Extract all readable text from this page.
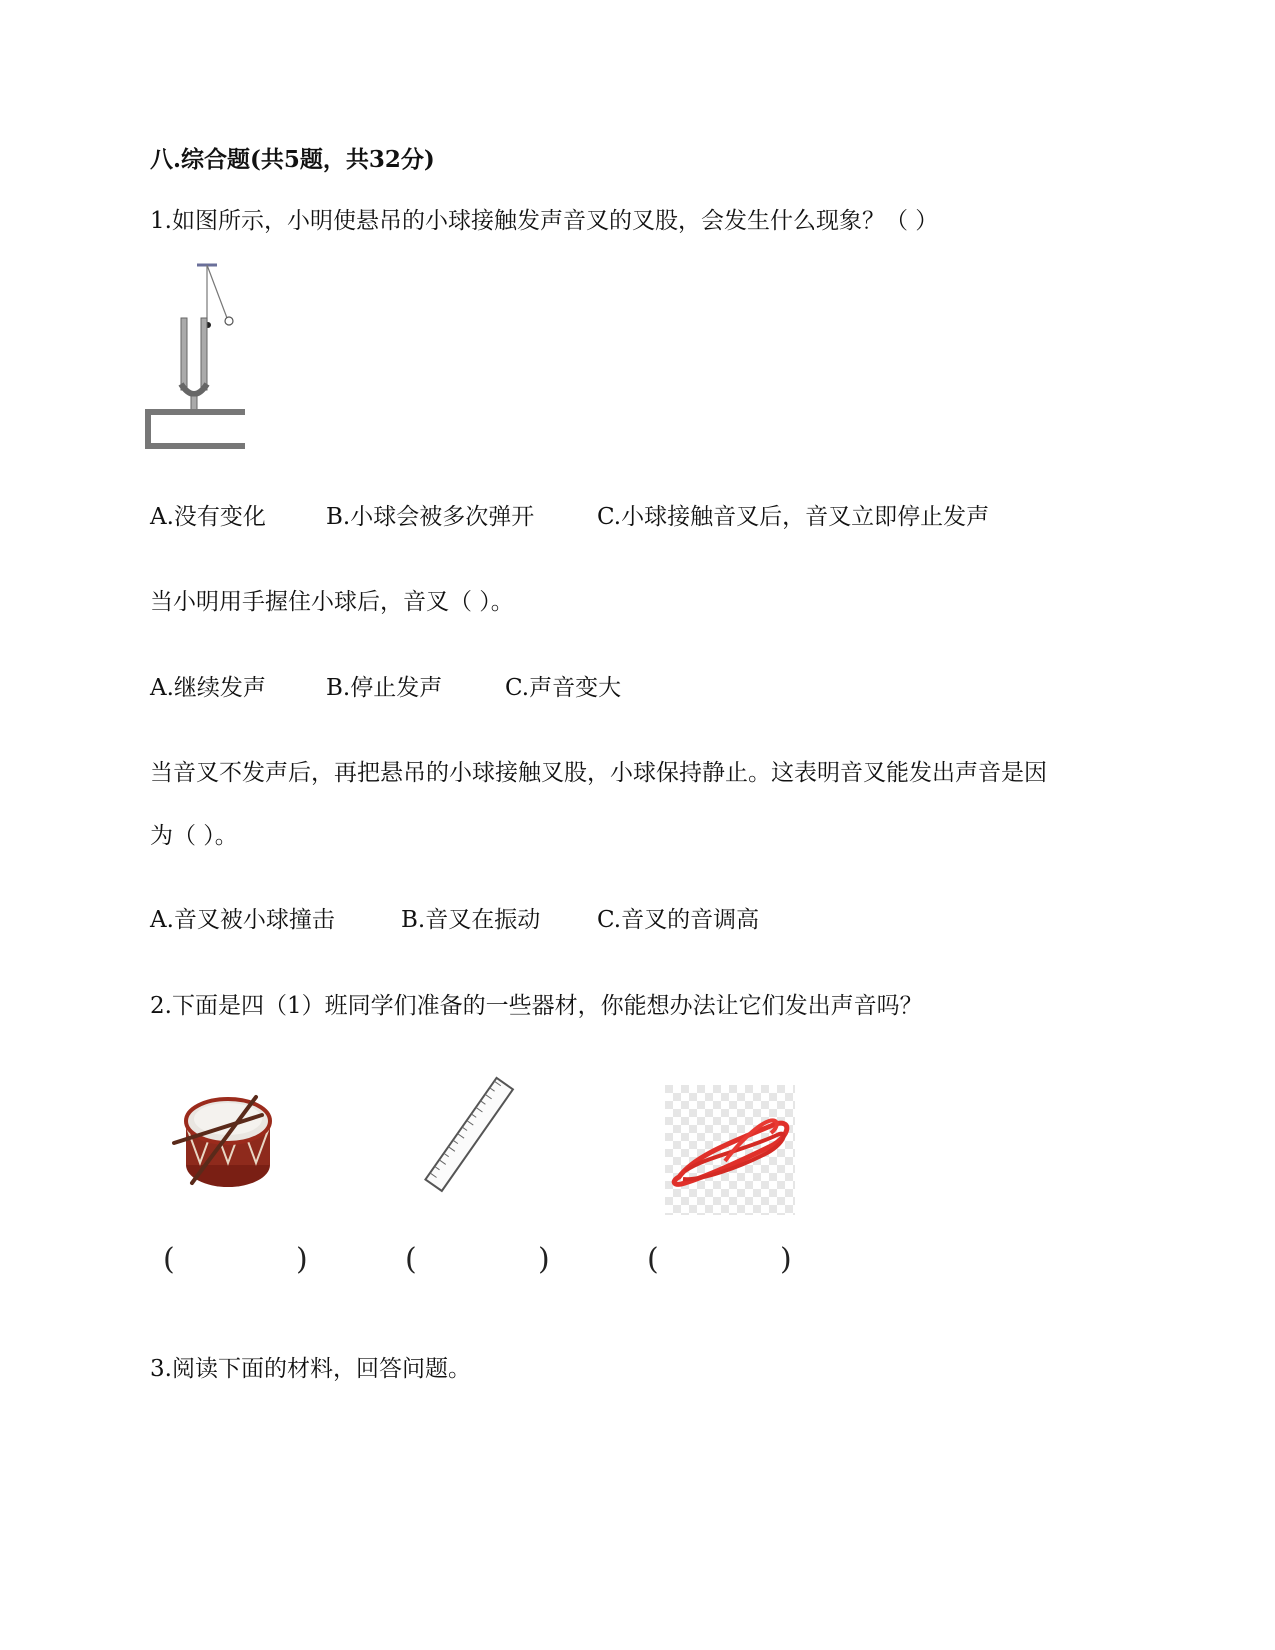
八.综合题(共5题，共32分)
1.如图所示，小明使悬吊的小球接触发声音叉的叉股，会发生什么现象？（ ）
A.没有变化	B.小球会被多次弹开	C.小球接触音叉后，音叉立即停止发声
当小明用手握住小球后，音叉（ ）。
A.继续发声	B.停止发声	C.声音变大
当音叉不发声后，再把悬吊的小球接触叉股，小球保持静止。这表明音叉能发出声音是因
为（ ）。
A.音叉被小球撞击	B.音叉在振动 C.音叉的音调高
2.下面是四（1）班同学们准备的一些器材，你能想办法让它们发出声音吗？
(	)	(	)	(	)
3.阅读下面的材料，回答问题。
